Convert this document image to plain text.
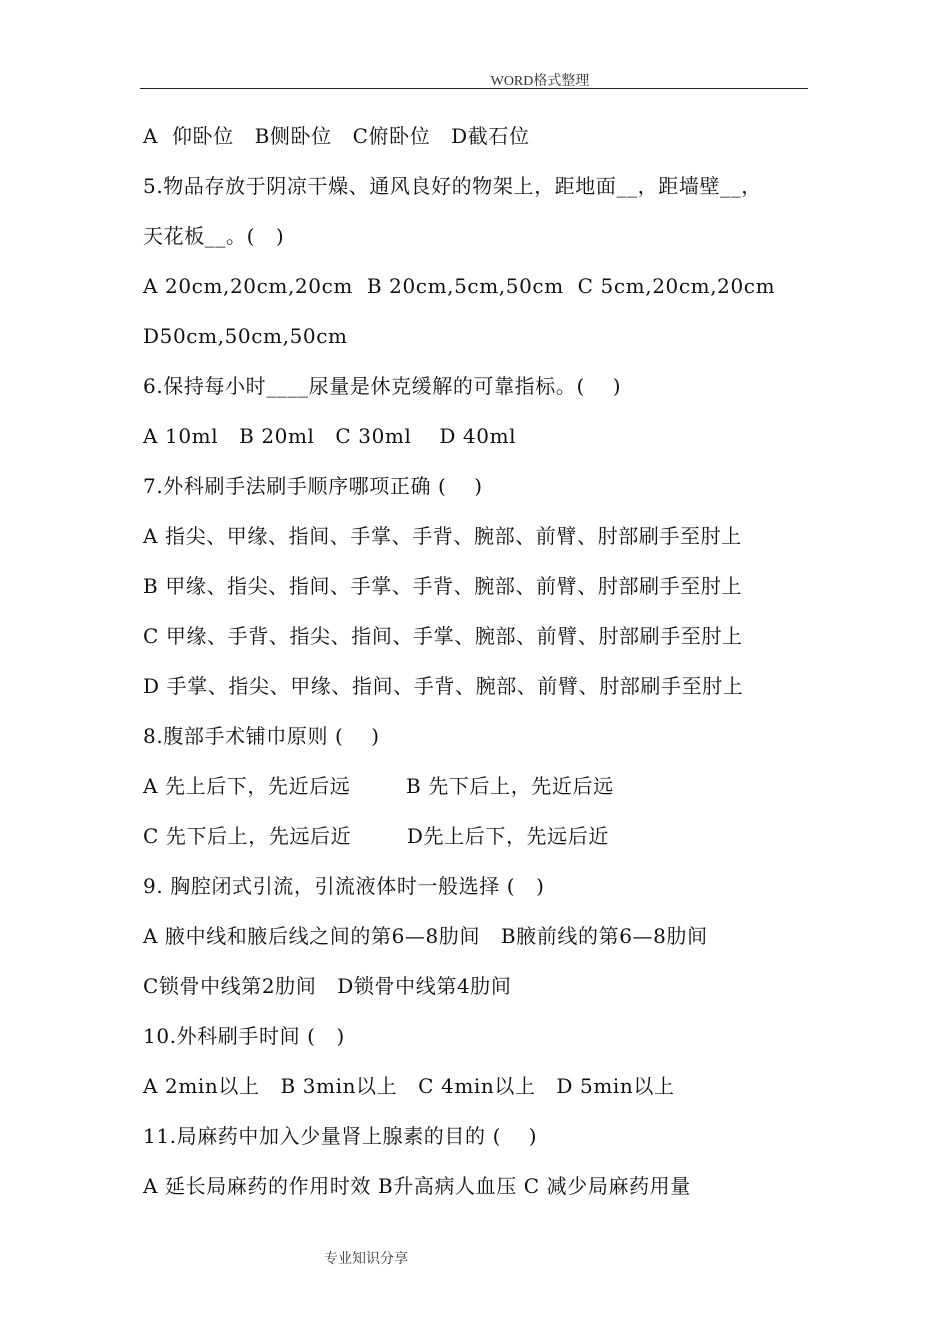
WORD格式整理
A  仰卧位   B侧卧位   C俯卧位   D截石位
5.物品存放于阴凉干燥、通风良好的物架上，距地面__，距墙壁__，
天花板__。(   )
A 20cm,20cm,20cm  B 20cm,5cm,50cm  C 5cm,20cm,20cm
D50cm,50cm,50cm
6.保持每小时____尿量是休克缓解的可靠指标。(    )
A 10ml   B 20ml   C 30ml    D 40ml
7.外科刷手法刷手顺序哪项正确 (    )
A 指尖、甲缘、指间、手掌、手背、腕部、前臂、肘部刷手至肘上
B 甲缘、指尖、指间、手掌、手背、腕部、前臂、肘部刷手至肘上
C 甲缘、手背、指尖、指间、手掌、腕部、前臂、肘部刷手至肘上
D 手掌、指尖、甲缘、指间、手背、腕部、前臂、肘部刷手至肘上
8.腹部手术铺巾原则 (    )
A 先上后下，先近后远        B 先下后上，先近后远
C 先下后上，先远后近        D先上后下，先远后近
9. 胸腔闭式引流，引流液体时一般选择 (   )
A 腋中线和腋后线之间的第6—8肋间   B腋前线的第6—8肋间
C锁骨中线第2肋间   D锁骨中线第4肋间
10.外科刷手时间 (   )
A 2min以上   B 3min以上   C 4min以上   D 5min以上
11.局麻药中加入少量肾上腺素的目的 (    )
A 延长局麻药的作用时效 B升高病人血压 C 减少局麻药用量
专业知识分享
